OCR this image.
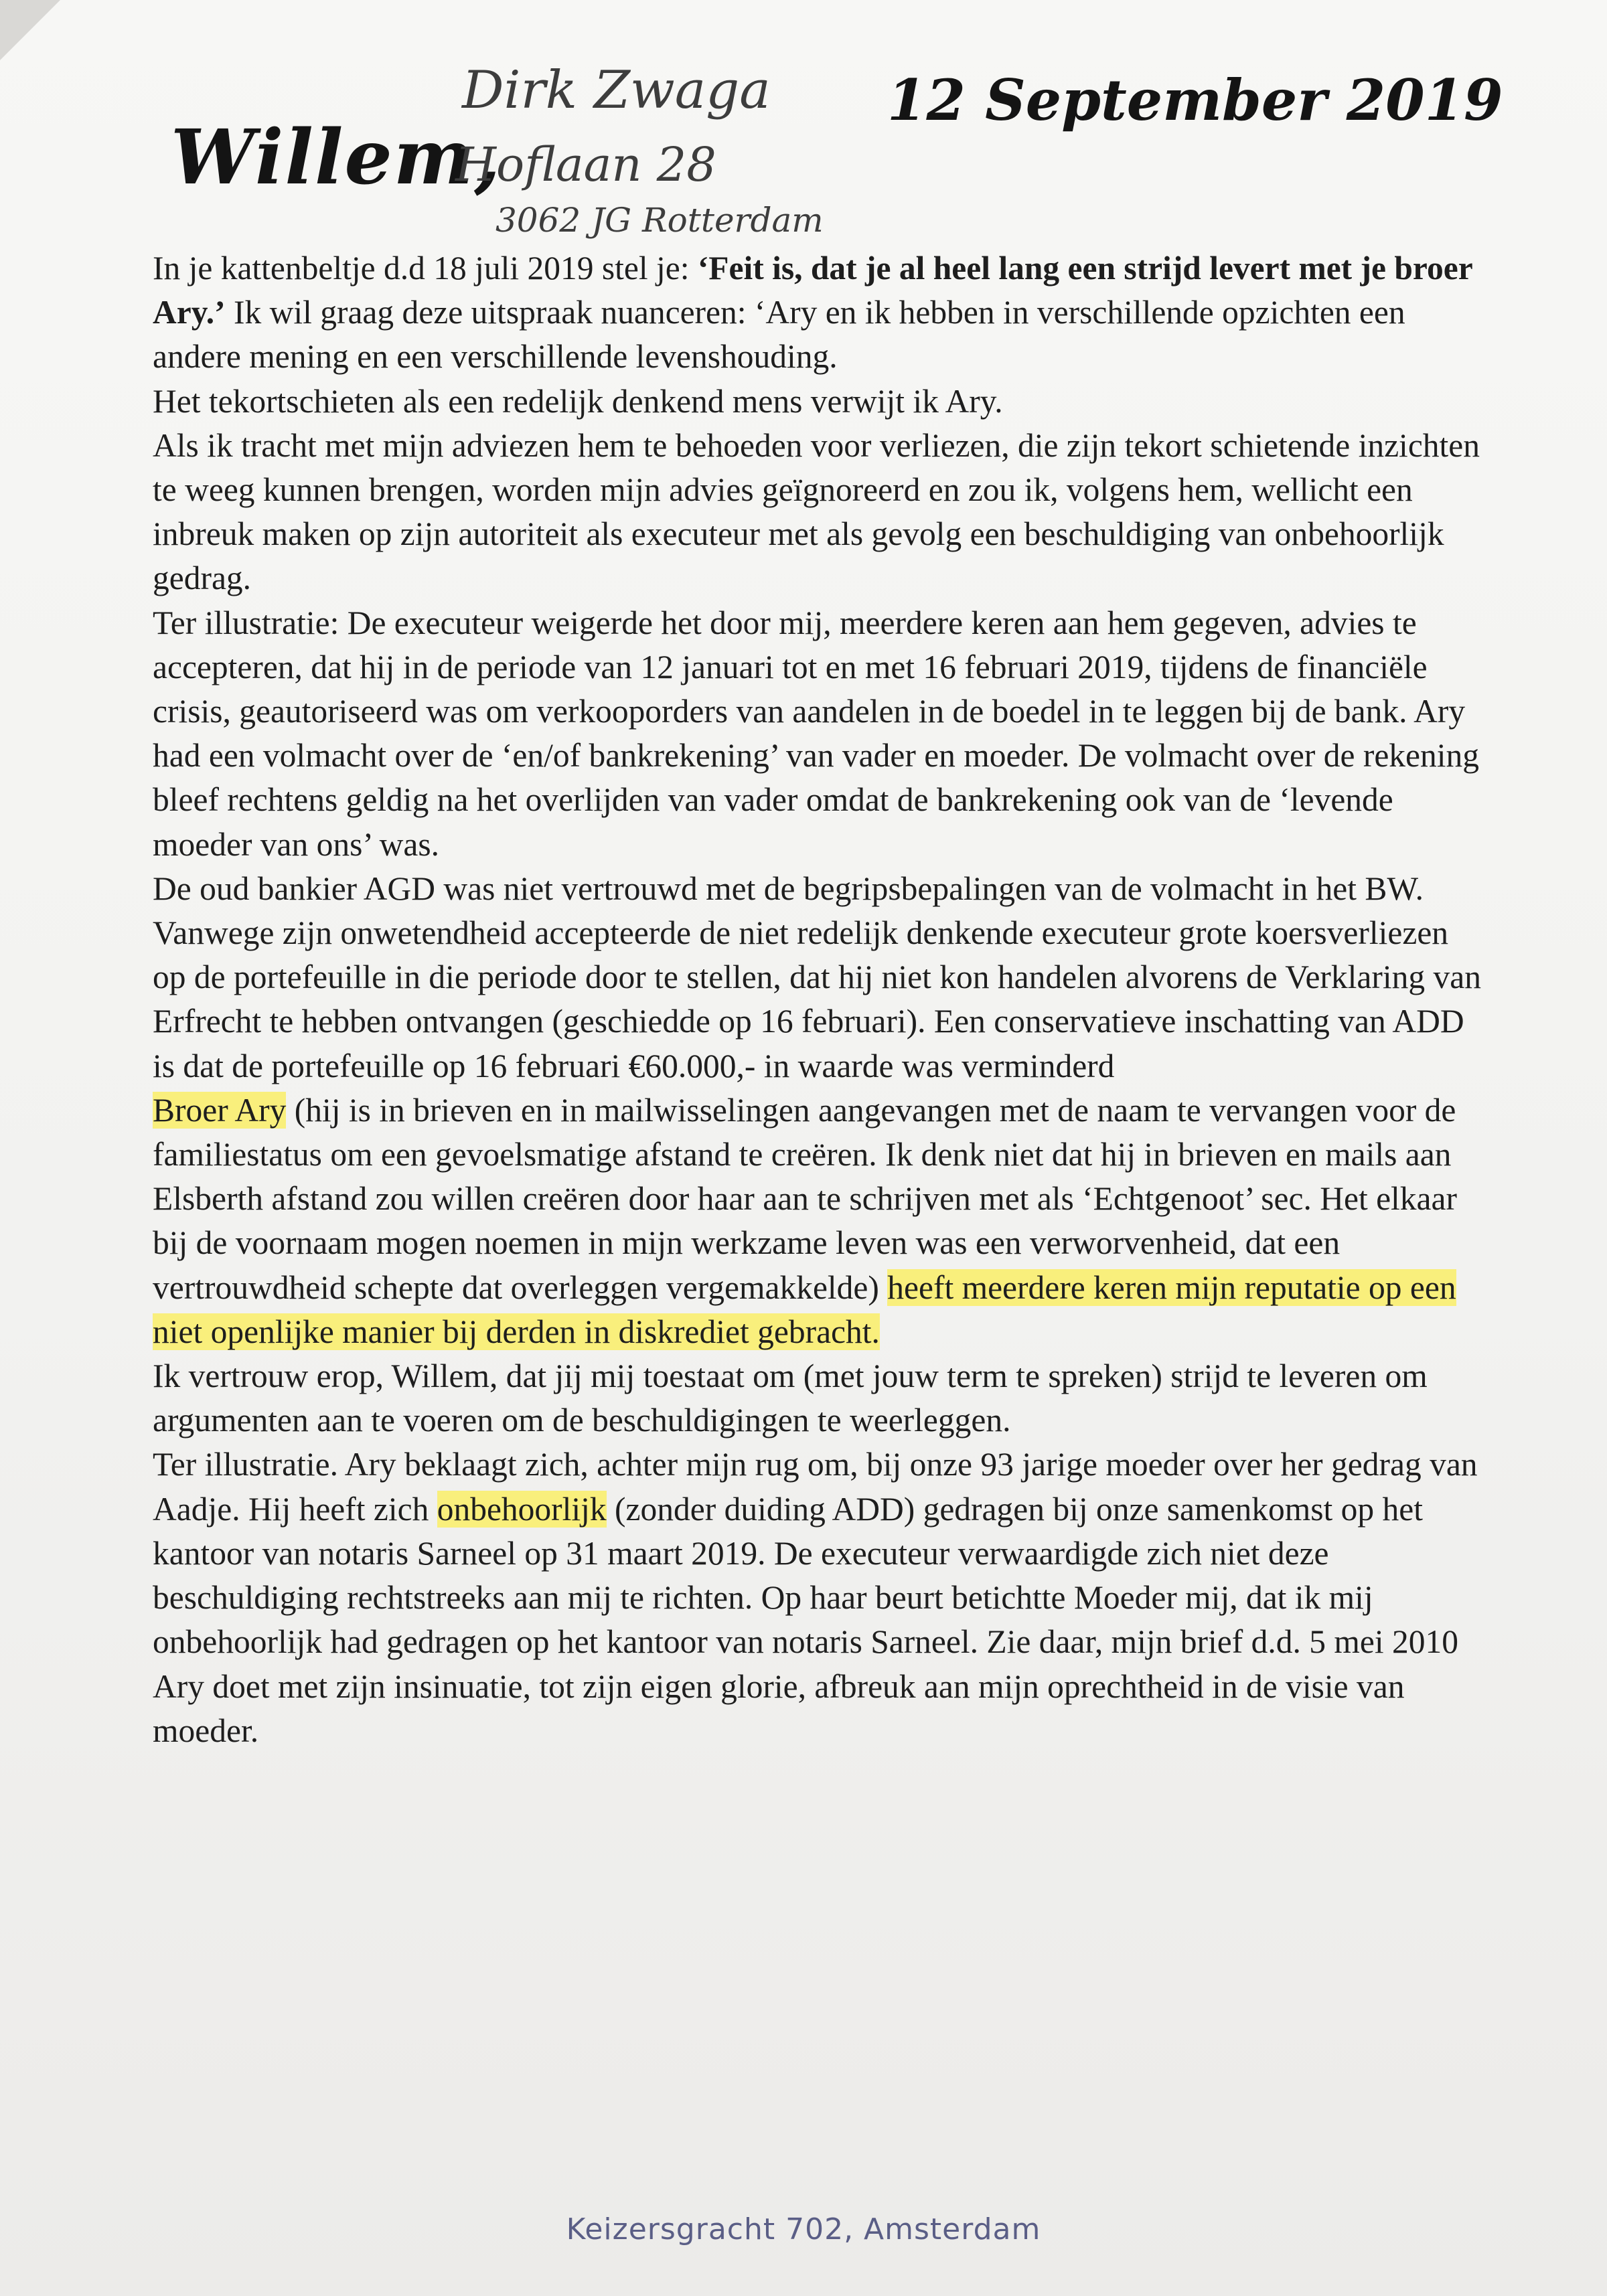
Willem,
12 September 2019
Dirk Zwaga
Hoflaan 28
3062 JG Rotterdam

In je kattenbeltje d.d 18 juli 2019 stel je: ‘Feit is, dat je al heel lang een strijd levert met je broer Ary.’ Ik wil graag deze uitspraak nuanceren: ‘Ary en ik hebben in verschillende opzichten een andere mening en een verschillende levenshouding.

Het tekortschieten als een redelijk denkend mens verwijt ik Ary.

Als ik tracht met mijn adviezen hem te behoeden voor verliezen, die zijn tekort schietende inzichten te weeg kunnen brengen, worden mijn advies geïgnoreerd en zou ik, volgens hem, wellicht een inbreuk maken op zijn autoriteit als executeur met als gevolg een beschuldiging van onbehoorlijk gedrag.

Ter illustratie: De executeur weigerde het door mij, meerdere keren aan hem gegeven, advies te accepteren, dat hij in de periode van 12 januari tot en met 16 februari 2019, tijdens de financiële crisis, geautoriseerd was om verkooporders van aandelen in de boedel in te leggen bij de bank. Ary had een volmacht over de ‘en/of bankrekening’ van vader en moeder. De volmacht over de rekening bleef rechtens geldig na het overlijden van vader omdat de bankrekening ook van de ‘levende moeder van ons’ was.

De oud bankier AGD was niet vertrouwd met de begripsbepalingen van de volmacht in het BW. Vanwege zijn onwetendheid accepteerde de niet redelijk denkende executeur grote koersverliezen op de portefeuille in die periode door te stellen, dat hij niet kon handelen alvorens de Verklaring van Erfrecht te hebben ontvangen (geschiedde op 16 februari). Een conservatieve inschatting van ADD is dat de portefeuille op 16 februari €60.000,- in waarde was verminderd

Broer Ary (hij is in brieven en in mailwisselingen aangevangen met de naam te vervangen voor de familiestatus om een gevoelsmatige afstand te creëren. Ik denk niet dat hij in brieven en mails aan Elsberth afstand zou willen creëren door haar aan te schrijven met als ‘Echtgenoot’ sec. Het elkaar bij de voornaam mogen noemen in mijn werkzame leven was een verworvenheid, dat een vertrouwdheid schepte dat overleggen vergemakkelde) heeft meerdere keren mijn reputatie op een niet openlijke manier bij derden in diskrediet gebracht.

Ik vertrouw erop, Willem, dat jij mij toestaat om (met jouw term te spreken) strijd te leveren om argumenten aan te voeren om de beschuldigingen te weerleggen.

Ter illustratie. Ary beklaagt zich, achter mijn rug om, bij onze 93 jarige moeder over her gedrag van Aadje. Hij heeft zich onbehoorlijk (zonder duiding ADD) gedragen bij onze samenkomst op het kantoor van notaris Sarneel op 31 maart 2019. De executeur verwaardigde zich niet deze beschuldiging rechtstreeks aan mij te richten. Op haar beurt betichtte Moeder mij, dat ik mij onbehoorlijk had gedragen op het kantoor van notaris Sarneel. Zie daar, mijn brief d.d. 5 mei 2010

Ary doet met zijn insinuatie, tot zijn eigen glorie, afbreuk aan mijn oprechtheid in de visie van moeder.

Keizersgracht 702, Amsterdam
